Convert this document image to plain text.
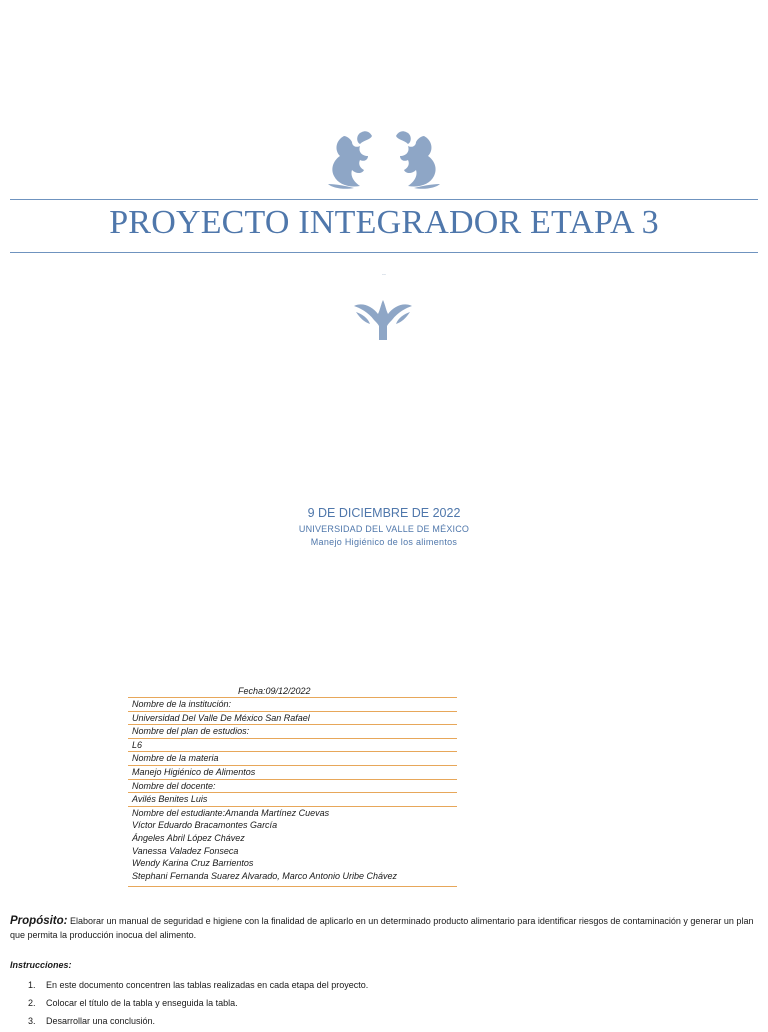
PROYECTO INTEGRADOR ETAPA 3
..
9 DE DICIEMBRE DE 2022
UNIVERSIDAD DEL VALLE DE MÉXICO
Manejo Higiénico de los alimentos
Fecha:09/12/2022
Nombre de la institución:
Universidad Del Valle De México San Rafael
Nombre del plan de estudios:
L6
Nombre de la materia
Manejo Higiénico de Alimentos
Nombre del docente:
Avilés Benites Luis
Nombre del estudiante:Amanda Martínez Cuevas
Víctor Eduardo Bracamontes García
Ángeles Abril López Chávez
Vanessa Valadez Fonseca
Wendy Karina Cruz Barrientos
Stephani Fernanda Suarez Alvarado, Marco Antonio Uribe Chávez
Propósito: Elaborar un manual de seguridad e higiene con la finalidad de aplicarlo en un determinado producto alimentario para identificar riesgos de contaminación y generar un plan que permita la producción inocua del alimento.
Instrucciones:
1. En este documento concentren las tablas realizadas en cada etapa del proyecto.
2. Colocar el título de la tabla y enseguida la tabla.
3. Desarrollar una conclusión.
